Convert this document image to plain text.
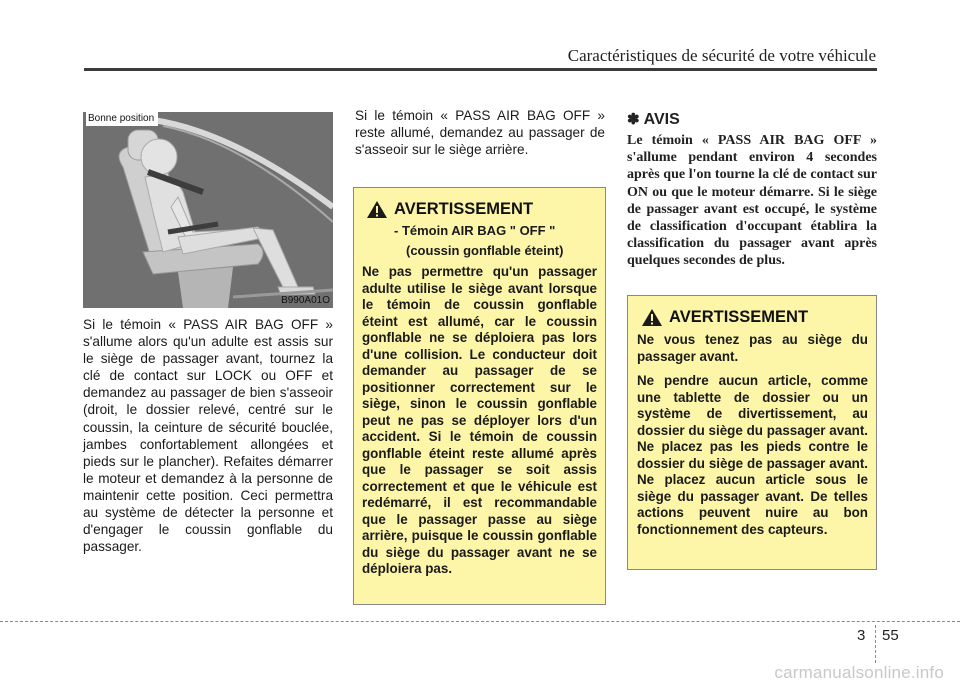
Caractéristiques de sécurité de votre véhicule
Bonne position
B990A01O
Si le témoin « PASS AIR BAG OFF » s'allume alors qu'un adulte est assis sur le siège de passager avant, tournez la clé de contact sur LOCK ou OFF et demandez au passager de bien s'asseoir (droit, le dossier relevé, centré sur le coussin, la ceinture de sécurité bouclée, jambes confortablement allongées et pieds sur le plancher). Refaites démarrer le moteur et demandez à la personne de maintenir cette position. Ceci permettra au système de détecter la personne et d'engager le coussin gonflable du passager.
Si le témoin « PASS AIR BAG OFF » reste allumé, demandez au passager de s'asseoir sur le siège arrière.
AVERTISSEMENT
- Témoin AIR BAG " OFF "
(coussin gonflable éteint)
Ne pas permettre qu'un passager adulte utilise le siège avant lorsque le témoin de coussin gonflable éteint est allumé, car le coussin gonflable ne se déploiera pas lors d'une collision. Le conducteur doit demander au passager de se positionner correctement sur le siège, sinon le coussin gonflable peut ne pas se déployer lors d'un accident. Si le témoin de coussin gonflable éteint reste allumé après que le passager se soit assis correctement et que le véhicule est redémarré, il est recommandable que le passager passe au siège arrière, puisque le coussin gonflable du siège du passager avant ne se déploiera pas.
✽ AVIS
Le témoin « PASS AIR BAG OFF » s'allume pendant environ 4 secondes après que l'on tourne la clé de contact sur ON ou que le moteur démarre. Si le siège de passager avant est occupé, le système de classification d'occupant établira la classification du passager avant après quelques secondes de plus.
AVERTISSEMENT
Ne vous tenez pas au siège du passager avant.
Ne pendre aucun article, comme une tablette de dossier ou un système de divertissement, au dossier du siège du passager avant. Ne placez pas les pieds contre le dossier du siège de passager avant. Ne placez aucun article sous le siège du passager avant. De telles actions peuvent nuire au bon fonctionnement des capteurs.
3 55
carmanualsonline.info
